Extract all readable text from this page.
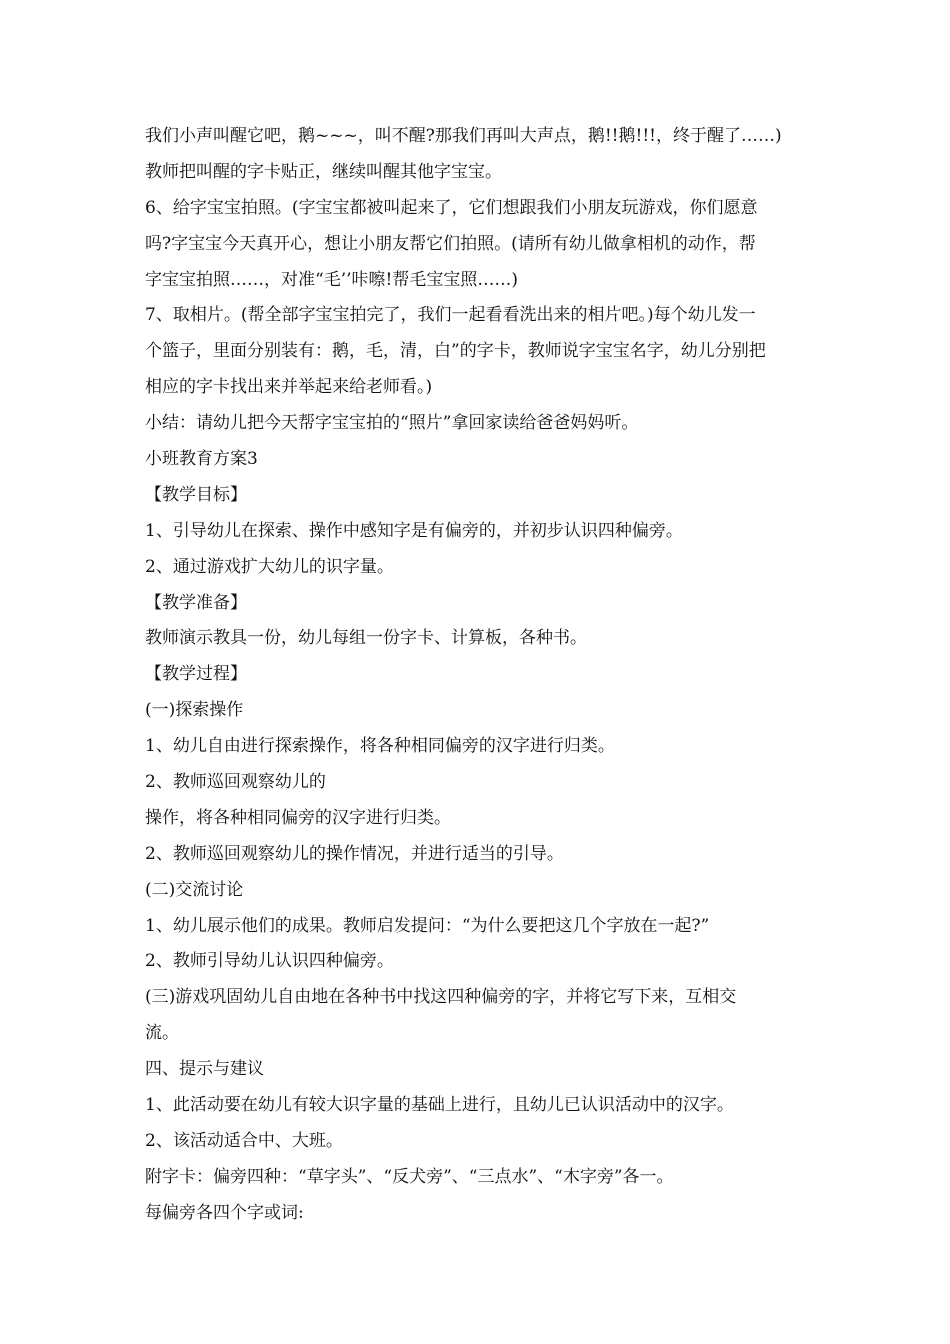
我们小声叫醒它吧，鹅~~~，叫不醒?那我们再叫大声点，鹅!!鹅!!!，终于醒了……)
教师把叫醒的字卡贴正，继续叫醒其他字宝宝。
6、给字宝宝拍照。(字宝宝都被叫起来了，它们想跟我们小朋友玩游戏，你们愿意
吗?字宝宝今天真开心，想让小朋友帮它们拍照。(请所有幼儿做拿相机的动作，帮
字宝宝拍照……，对准“毛’’咔嚓!帮毛宝宝照……)
7、取相片。(帮全部字宝宝拍完了，我们一起看看洗出来的相片吧。)每个幼儿发一
个篮子，里面分别装有：鹅，毛，清，白”的字卡，教师说字宝宝名字，幼儿分别把
相应的字卡找出来并举起来给老师看。)
小结：请幼儿把今天帮字宝宝拍的“照片”拿回家读给爸爸妈妈听。
小班教育方案3
【教学目标】
1、引导幼儿在探索、操作中感知字是有偏旁的，并初步认识四种偏旁。
2、通过游戏扩大幼儿的识字量。
【教学准备】
教师演示教具一份，幼儿每组一份字卡、计算板，各种书。
【教学过程】
(一)探索操作
1、幼儿自由进行探索操作，将各种相同偏旁的汉字进行归类。
2、教师巡回观察幼儿的
操作，将各种相同偏旁的汉字进行归类。
2、教师巡回观察幼儿的操作情况，并进行适当的引导。
(二)交流讨论
1、幼儿展示他们的成果。教师启发提问：“为什么要把这几个字放在一起?”
2、教师引导幼儿认识四种偏旁。
(三)游戏巩固幼儿自由地在各种书中找这四种偏旁的字，并将它写下来，互相交
流。
四、提示与建议
1、此活动要在幼儿有较大识字量的基础上进行，且幼儿已认识活动中的汉字。
2、该活动适合中、大班。
附字卡：偏旁四种：“草字头”、“反犬旁”、“三点水”、“木字旁”各一。
每偏旁各四个字或词:
